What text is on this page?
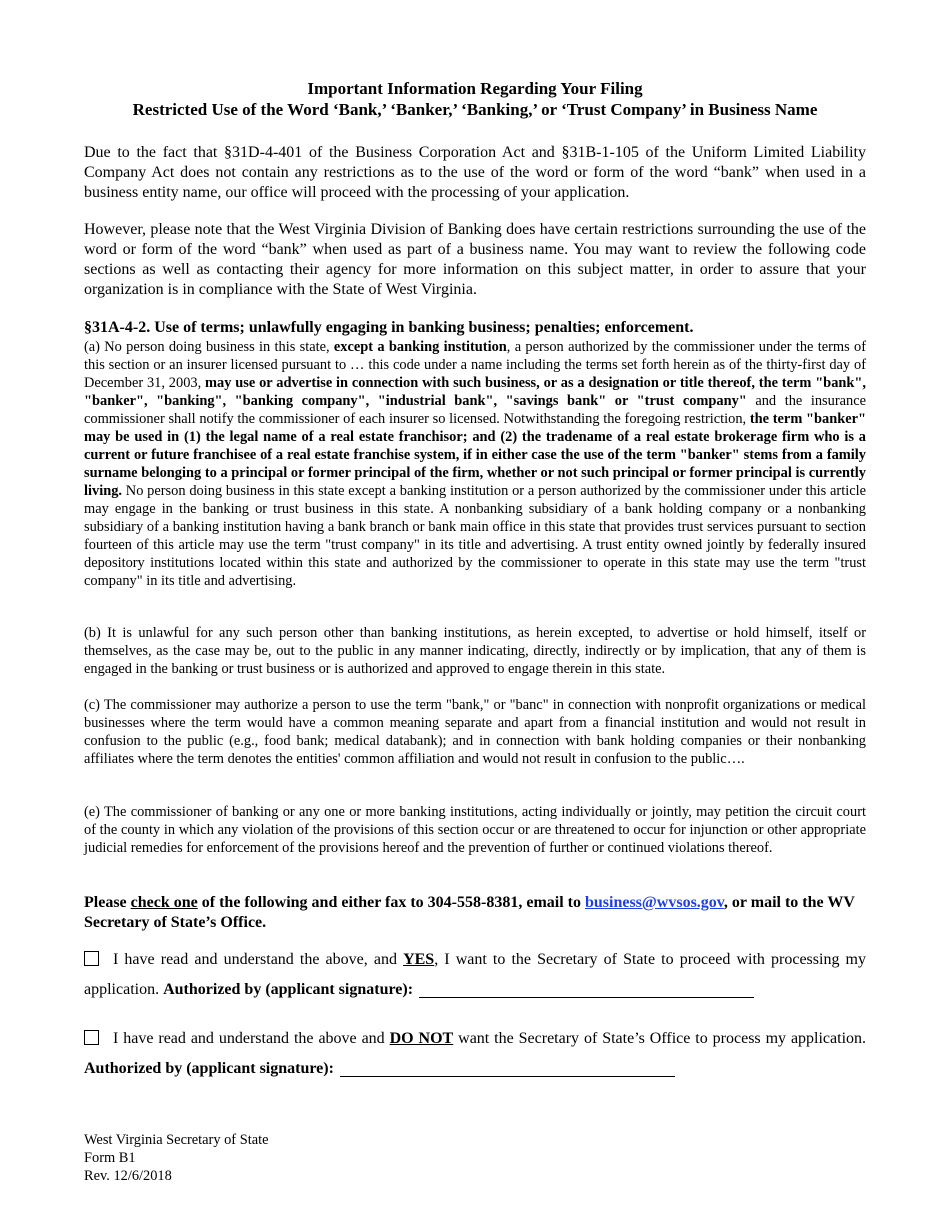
Important Information Regarding Your Filing
Restricted Use of the Word ‘Bank,’ ‘Banker,’ ‘Banking,’ or ‘Trust Company’ in Business Name
Due to the fact that §31D-4-401 of the Business Corporation Act and §31B-1-105 of the Uniform Limited Liability Company Act does not contain any restrictions as to the use of the word or form of the word “bank” when used in a business entity name, our office will proceed with the processing of your application.
However, please note that the West Virginia Division of Banking does have certain restrictions surrounding the use of the word or form of the word “bank” when used as part of a business name. You may want to review the following code sections as well as contacting their agency for more information on this subject matter, in order to assure that your organization is in compliance with the State of West Virginia.
§31A-4-2. Use of terms; unlawfully engaging in banking business; penalties; enforcement.
(a) No person doing business in this state, except a banking institution, a person authorized by the commissioner under the terms of this section or an insurer licensed pursuant to … this code under a name including the terms set forth herein as of the thirty-first day of December 31, 2003, may use or advertise in connection with such business, or as a designation or title thereof, the term "bank", "banker", "banking", "banking company", "industrial bank", "savings bank" or "trust company" and the insurance commissioner shall notify the commissioner of each insurer so licensed. Notwithstanding the foregoing restriction, the term "banker" may be used in (1) the legal name of a real estate franchisor; and (2) the tradename of a real estate brokerage firm who is a current or future franchisee of a real estate franchise system, if in either case the use of the term "banker" stems from a family surname belonging to a principal or former principal of the firm, whether or not such principal or former principal is currently living. No person doing business in this state except a banking institution or a person authorized by the commissioner under this article may engage in the banking or trust business in this state. A nonbanking subsidiary of a bank holding company or a nonbanking subsidiary of a banking institution having a bank branch or bank main office in this state that provides trust services pursuant to section fourteen of this article may use the term "trust company" in its title and advertising. A trust entity owned jointly by federally insured depository institutions located within this state and authorized by the commissioner to operate in this state may use the term "trust company" in its title and advertising.
(b) It is unlawful for any such person other than banking institutions, as herein excepted, to advertise or hold himself, itself or themselves, as the case may be, out to the public in any manner indicating, directly, indirectly or by implication, that any of them is engaged in the banking or trust business or is authorized and approved to engage therein in this state.
(c) The commissioner may authorize a person to use the term "bank," or "banc" in connection with nonprofit organizations or medical businesses where the term would have a common meaning separate and apart from a financial institution and would not result in confusion to the public (e.g., food bank; medical databank); and in connection with bank holding companies or their nonbanking affiliates where the term denotes the entities' common affiliation and would not result in confusion to the public….
(e) The commissioner of banking or any one or more banking institutions, acting individually or jointly, may petition the circuit court of the county in which any violation of the provisions of this section occur or are threatened to occur for injunction or other appropriate judicial remedies for enforcement of the provisions hereof and the prevention of further or continued violations thereof.
Please check one of the following and either fax to 304-558-8381, email to business@wvsos.gov, or mail to the WV Secretary of State’s Office.
I have read and understand the above, and YES, I want to the Secretary of State to proceed with processing my application. Authorized by (applicant signature):
I have read and understand the above and DO NOT want the Secretary of State’s Office to process my application. Authorized by (applicant signature):
West Virginia Secretary of State
Form B1
Rev. 12/6/2018
